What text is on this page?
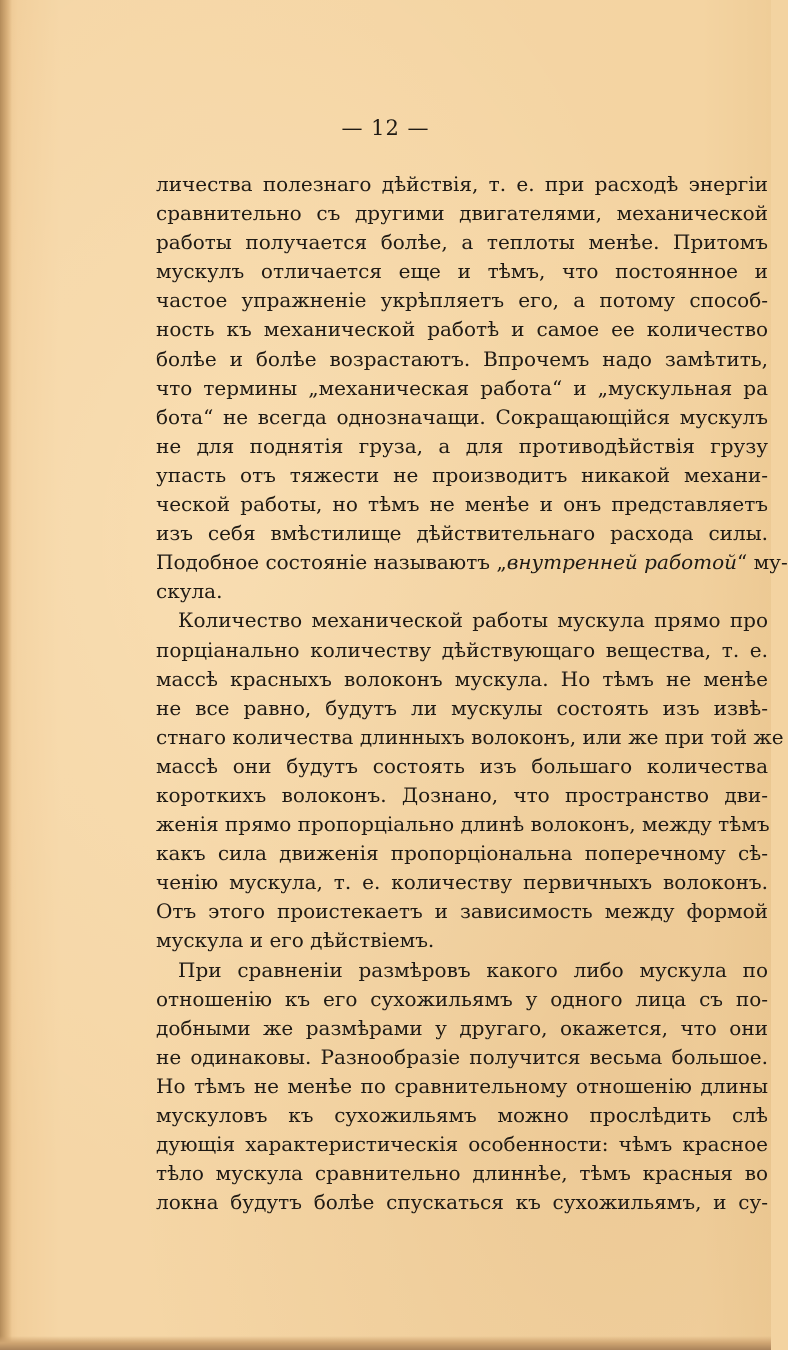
— 12 —
личества полезнаго дѣйствія, т. е. при расходѣ энергіи
сравнительно съ другими двигателями, механической
работы получается болѣе, а теплоты менѣе. Притомъ
мускулъ отличается еще и тѣмъ, что постоянное и
частое упражненіе укрѣпляетъ его, а потому способ-
ность къ механической работѣ и самое ее количество
болѣе и болѣе возрастаютъ. Впрочемъ надо замѣтить,
что термины „механическая работа“ и „мускульная ра
бота“ не всегда однозначащи. Сокращающійся мускулъ
не для поднятія груза, а для противодѣйствія грузу
упасть отъ тяжести не производитъ никакой механи-
ческой работы, но тѣмъ не менѣе и онъ представляетъ
изъ себя вмѣстилище дѣйствительнаго расхода силы.
Подобное состояніе называютъ „внутренней работой“ му-
скула.
Количество механической работы мускула прямо про
порціанально количеству дѣйствующаго вещества, т. е.
массѣ красныхъ волоконъ мускула. Но тѣмъ не менѣе
не все равно, будутъ ли мускулы состоять изъ извѣ-
стнаго количества длинныхъ волоконъ, или же при той же
массѣ они будутъ состоять изъ большаго количества
короткихъ волоконъ. Дознано, что пространство дви-
женія прямо пропорціально длинѣ волоконъ, между тѣмъ
какъ сила движенія пропорціональна поперечному сѣ-
ченію мускула, т. е. количеству первичныхъ волоконъ.
Отъ этого проистекаетъ и зависимость между формой
мускула и его дѣйствіемъ.
При сравненіи размѣровъ какого либо мускула по
отношенію къ его сухожильямъ у одного лица съ по-
добными же размѣрами у другаго, окажется, что они
не одинаковы. Разнообразіе получится весьма большое.
Но тѣмъ не менѣе по сравнительному отношенію длины
мускуловъ къ сухожильямъ можно прослѣдить слѣ
дующія характеристическія особенности: чѣмъ красное
тѣло мускула сравнительно длиннѣе, тѣмъ красныя во
локна будутъ болѣе спускаться къ сухожильямъ, и су-
